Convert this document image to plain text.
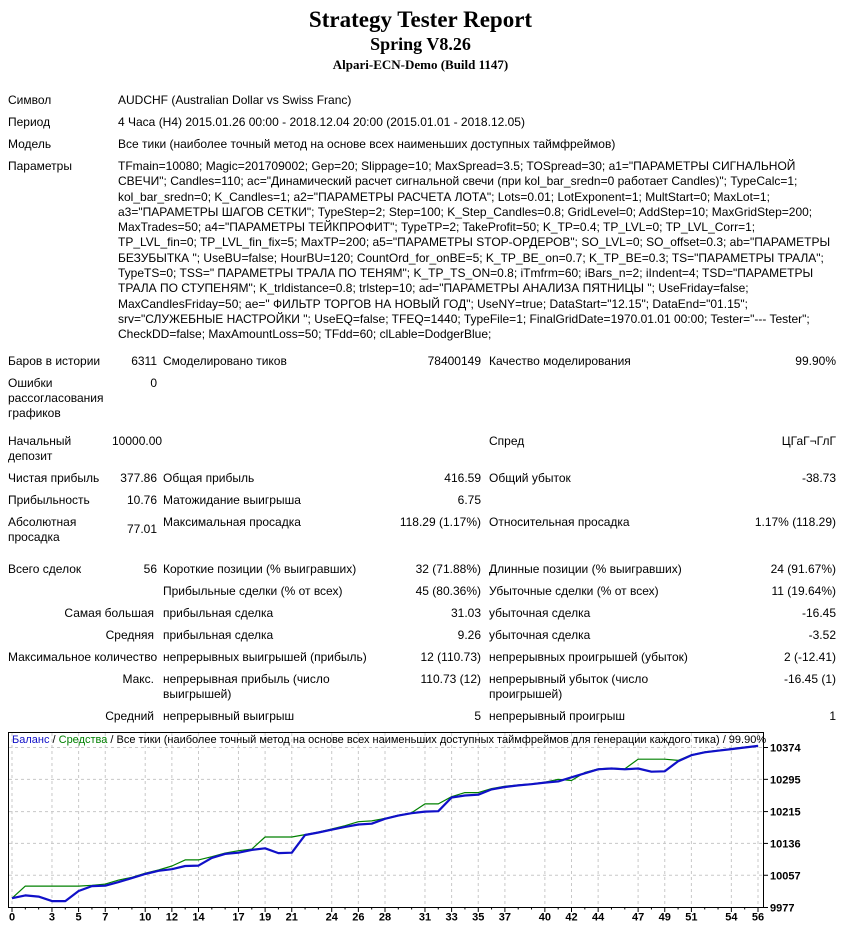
Strategy Tester Report
Spring V8.26
Alpari-ECN-Demo (Build 1147)
Символ	AUDCHF (Australian Dollar vs Swiss Franc)				
Период	4 Часа (H4) 2015.01.26 00:00 - 2018.12.04 20:00 (2015.01.01 - 2018.12.05)				
Модель	Все тики (наиболее точный метод на основе всех наименьших доступных таймфреймов)				
Параметры	TFmain=10080; Magic=201709002; Gep=20; Slippage=10; MaxSpread=3.5; TOSpread=30; a1="ПАРАМЕТРЫ СИГНАЛЬНОЙ СВЕЧИ"; Candles=110; ac="Динамический расчет сигнальной свечи (при kol_bar_sredn=0 работает Candles)"; TypeCalc=1; kol_bar_sredn=0; K_Candles=1; a2="ПАРАМЕТРЫ РАСЧЕТА ЛОТА"; Lots=0.01; LotExponent=1; MultStart=0; MaxLot=1; a3="ПАРАМЕТРЫ ШАГОВ СЕТКИ"; TypeStep=2; Step=100; K_Step_Candles=0.8; GridLevel=0; AddStep=10; MaxGridStep=200; MaxTrades=50; a4="ПАРАМЕТРЫ ТЕЙКПРОФИТ"; TypeTP=2; TakeProfit=50; K_TP=0.4; TP_LVL=0; TP_LVL_Corr=1; TP_LVL_fin=0; TP_LVL_fin_fix=5; MaxTP=200; a5="ПАРАМЕТРЫ STOP-ОРДЕРОВ"; SO_LVL=0; SO_offset=0.3; ab="ПАРАМЕТРЫ БЕЗУБЫТКА "; UseBU=false; HourBU=120; CountOrd_for_onBE=5; K_TP_BE_on=0.7; K_TP_BE=0.3; TS="ПАРАМЕТРЫ ТРАЛА"; TypeTS=0; TSS=" ПАРАМЕТРЫ ТРАЛА ПО ТЕНЯМ"; K_TP_TS_ON=0.8; iTmfrm=60; iBars_n=2; iIndent=4; TSD="ПАРАМЕТРЫ ТРАЛА ПО СТУПЕНЯМ"; K_trldistance=0.8; trlstep=10; ad="ПАРАМЕТРЫ АНАЛИЗА ПЯТНИЦЫ "; UseFriday=false; MaxCandlesFriday=50; ae=" ФИЛЬТР ТОРГОВ НА НОВЫЙ ГОД"; UseNY=true; DataStart="12.15"; DataEnd="01.15"; srv="СЛУЖЕБНЫЕ НАСТРОЙКИ "; UseEQ=false; TFEQ=1440; TypeFile=1; FinalGridDate=1970.01.01 00:00; Tester="--- Tester"; CheckDD=false; MaxAmountLoss=50; TFdd=60; clLable=DodgerBlue;				

Баров в истории	6311	Смоделировано тиков	78400149	Качество моделирования	99.90%
Ошибки рассогласования графиков	0				

Начальный депозит	10000.00			Спред	ЦГаГ¬ГлГ
Чистая прибыль	377.86	Общая прибыль	416.59	Общий убыток	-38.73
Прибыльность	10.76	Матожидание выигрыша	6.75		
Абсолютная просадка	77.01	Максимальная просадка	118.29 (1.17%)	Относительная просадка	1.17% (118.29)

Всего сделок	56	Короткие позиции (% выигравших)	32 (71.88%)	Длинные позиции (% выигравших)	24 (91.67%)
		Прибыльные сделки (% от всех)	45 (80.36%)	Убыточные сделки (% от всех)	11 (19.64%)
Самая большая		прибыльная сделка	31.03	убыточная сделка	-16.45
Средняя		прибыльная сделка	9.26	убыточная сделка	-3.52
Максимальное количество		непрерывных выигрышей (прибыль)	12 (110.73)	непрерывных проигрышей (убыток)	2 (-12.41)
Макс.		непрерывная прибыль (число выигрышей)	110.73 (12)	непрерывный убыток (число проигрышей)	-16.45 (1)
Средний		непрерывный выигрыш	5	непрерывный проигрыш	1
Баланс / Средства / Все тики (наиболее точный метод на основе всех наименьших доступных таймфреймов для генерации каждого тика) / 99.90%
10374
10295
10215
10136
10057
9977
0	3 5 7	10 12 14	17 19 21	24 26 28	31 33 35 37	40 42 44	47 49 51	54 56
